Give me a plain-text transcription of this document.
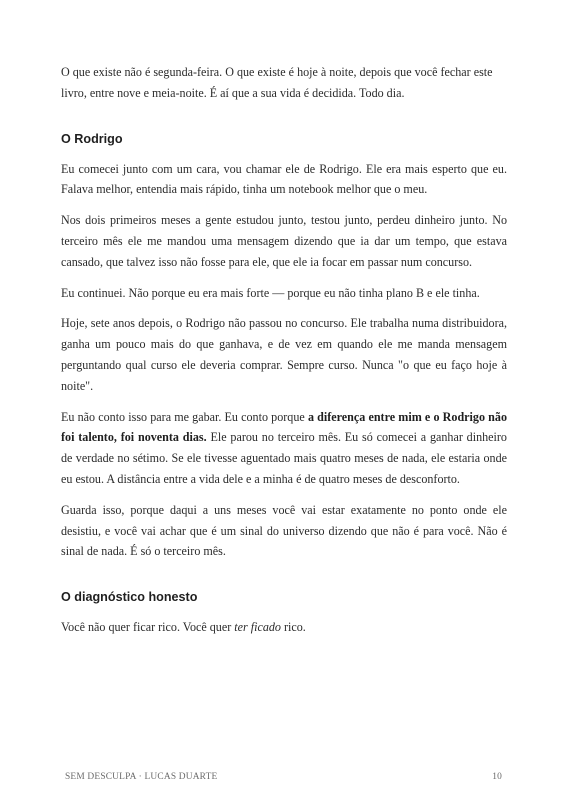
O que existe não é segunda-feira. O que existe é hoje à noite, depois que você fechar este livro, entre nove e meia-noite. É aí que a sua vida é decidida. Todo dia.

O Rodrigo

Eu comecei junto com um cara, vou chamar ele de Rodrigo. Ele era mais esperto que eu. Falava melhor, entendia mais rápido, tinha um notebook melhor que o meu.

Nos dois primeiros meses a gente estudou junto, testou junto, perdeu dinheiro junto. No terceiro mês ele me mandou uma mensagem dizendo que ia dar um tempo, que estava cansado, que talvez isso não fosse para ele, que ele ia focar em passar num concurso.

Eu continuei. Não porque eu era mais forte — porque eu não tinha plano B e ele tinha.

Hoje, sete anos depois, o Rodrigo não passou no concurso. Ele trabalha numa distribuidora, ganha um pouco mais do que ganhava, e de vez em quando ele me manda mensagem perguntando qual curso ele deveria comprar. Sempre curso. Nunca "o que eu faço hoje à noite".

Eu não conto isso para me gabar. Eu conto porque a diferença entre mim e o Rodrigo não foi talento, foi noventa dias. Ele parou no terceiro mês. Eu só comecei a ganhar dinheiro de verdade no sétimo. Se ele tivesse aguentado mais quatro meses de nada, ele estaria onde eu estou. A distância entre a vida dele e a minha é de quatro meses de desconforto.

Guarda isso, porque daqui a uns meses você vai estar exatamente no ponto onde ele desistiu, e você vai achar que é um sinal do universo dizendo que não é para você. Não é sinal de nada. É só o terceiro mês.

O diagnóstico honesto

Você não quer ficar rico. Você quer ter ficado rico.

SEM DESCULPA · LUCAS DUARTE	10
